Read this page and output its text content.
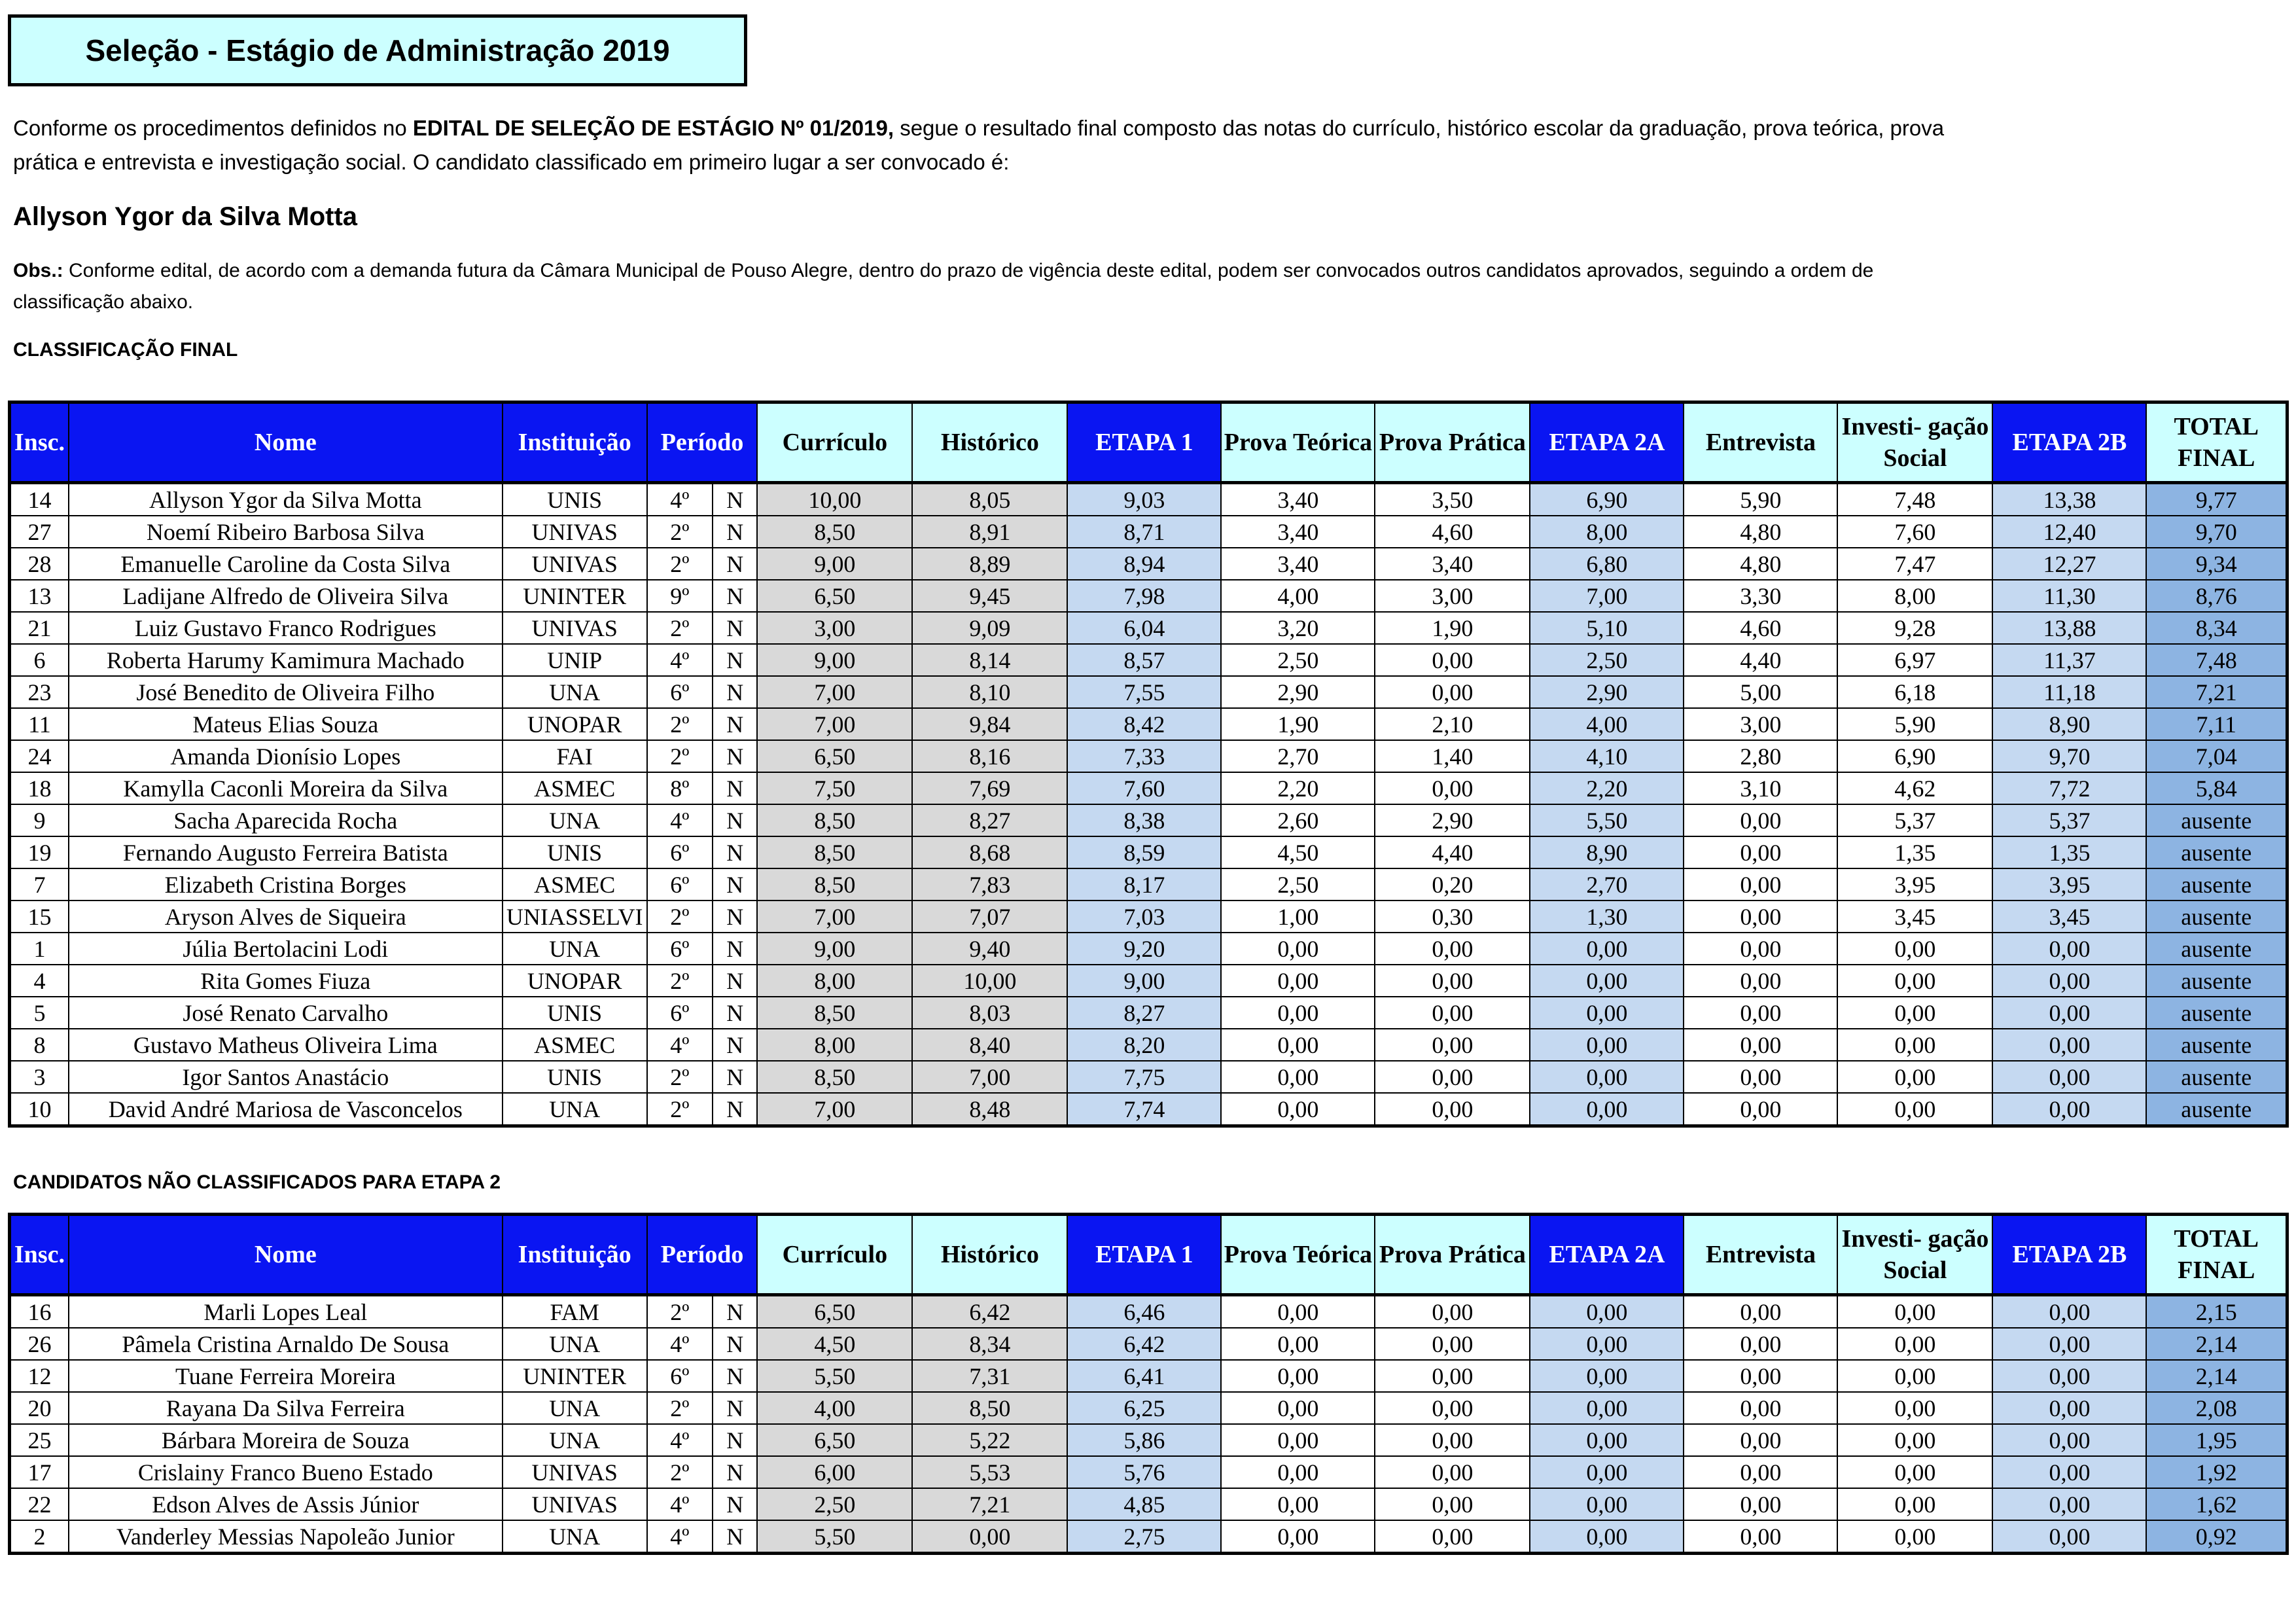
Seleção - Estágio de Administração 2019
Conforme os procedimentos definidos no EDITAL DE SELEÇÃO DE ESTÁGIO Nº 01/2019, segue o resultado final composto das notas do currículo, histórico escolar da graduação, prova teórica, prova prática e entrevista e investigação social. O candidato classificado em primeiro lugar a ser convocado é:
Allyson Ygor da Silva Motta
Obs.: Conforme edital, de acordo com a demanda futura da Câmara Municipal de Pouso Alegre, dentro do prazo de vigência deste edital, podem ser convocados outros candidatos aprovados, seguindo a ordem de classificação abaixo.
CLASSIFICAÇÃO FINAL
Insc.	Nome	Instituição	Período		Currículo	Histórico	ETAPA 1	Prova Teórica	Prova Prática	ETAPA 2A	Entrevista	Investi- gação Social	ETAPA 2B	TOTAL FINAL
14	Allyson Ygor da Silva Motta	UNIS	4º	N	10,00	8,05	9,03	3,40	3,50	6,90	5,90	7,48	13,38	9,77
27	Noemí Ribeiro Barbosa Silva	UNIVAS	2º	N	8,50	8,91	8,71	3,40	4,60	8,00	4,80	7,60	12,40	9,70
28	Emanuelle Caroline da Costa Silva	UNIVAS	2º	N	9,00	8,89	8,94	3,40	3,40	6,80	4,80	7,47	12,27	9,34
13	Ladijane Alfredo de Oliveira Silva	UNINTER	9º	N	6,50	9,45	7,98	4,00	3,00	7,00	3,30	8,00	11,30	8,76
21	Luiz Gustavo Franco Rodrigues	UNIVAS	2º	N	3,00	9,09	6,04	3,20	1,90	5,10	4,60	9,28	13,88	8,34
6	Roberta Harumy Kamimura Machado	UNIP	4º	N	9,00	8,14	8,57	2,50	0,00	2,50	4,40	6,97	11,37	7,48
23	José Benedito de Oliveira Filho	UNA	6º	N	7,00	8,10	7,55	2,90	0,00	2,90	5,00	6,18	11,18	7,21
11	Mateus Elias Souza	UNOPAR	2º	N	7,00	9,84	8,42	1,90	2,10	4,00	3,00	5,90	8,90	7,11
24	Amanda Dionísio Lopes	FAI	2º	N	6,50	8,16	7,33	2,70	1,40	4,10	2,80	6,90	9,70	7,04
18	Kamylla Caconli Moreira da Silva	ASMEC	8º	N	7,50	7,69	7,60	2,20	0,00	2,20	3,10	4,62	7,72	5,84
9	Sacha Aparecida Rocha	UNA	4º	N	8,50	8,27	8,38	2,60	2,90	5,50	0,00	5,37	5,37	ausente
19	Fernando Augusto Ferreira Batista	UNIS	6º	N	8,50	8,68	8,59	4,50	4,40	8,90	0,00	1,35	1,35	ausente
7	Elizabeth Cristina Borges	ASMEC	6º	N	8,50	7,83	8,17	2,50	0,20	2,70	0,00	3,95	3,95	ausente
15	Aryson Alves de Siqueira	UNIASSELVI	2º	N	7,00	7,07	7,03	1,00	0,30	1,30	0,00	3,45	3,45	ausente
1	Júlia Bertolacini Lodi	UNA	6º	N	9,00	9,40	9,20	0,00	0,00	0,00	0,00	0,00	0,00	ausente
4	Rita Gomes Fiuza	UNOPAR	2º	N	8,00	10,00	9,00	0,00	0,00	0,00	0,00	0,00	0,00	ausente
5	José Renato Carvalho	UNIS	6º	N	8,50	8,03	8,27	0,00	0,00	0,00	0,00	0,00	0,00	ausente
8	Gustavo Matheus Oliveira Lima	ASMEC	4º	N	8,00	8,40	8,20	0,00	0,00	0,00	0,00	0,00	0,00	ausente
3	Igor Santos Anastácio	UNIS	2º	N	8,50	7,00	7,75	0,00	0,00	0,00	0,00	0,00	0,00	ausente
10	David André Mariosa de Vasconcelos	UNA	2º	N	7,00	8,48	7,74	0,00	0,00	0,00	0,00	0,00	0,00	ausente
CANDIDATOS NÃO CLASSIFICADOS PARA ETAPA 2
Insc.	Nome	Instituição	Período		Currículo	Histórico	ETAPA 1	Prova Teórica	Prova Prática	ETAPA 2A	Entrevista	Investi- gação Social	ETAPA 2B	TOTAL FINAL
16	Marli Lopes Leal	FAM	2º	N	6,50	6,42	6,46	0,00	0,00	0,00	0,00	0,00	0,00	2,15
26	Pâmela Cristina Arnaldo De Sousa	UNA	4º	N	4,50	8,34	6,42	0,00	0,00	0,00	0,00	0,00	0,00	2,14
12	Tuane Ferreira Moreira	UNINTER	6º	N	5,50	7,31	6,41	0,00	0,00	0,00	0,00	0,00	0,00	2,14
20	Rayana Da Silva Ferreira	UNA	2º	N	4,00	8,50	6,25	0,00	0,00	0,00	0,00	0,00	0,00	2,08
25	Bárbara Moreira de Souza	UNA	4º	N	6,50	5,22	5,86	0,00	0,00	0,00	0,00	0,00	0,00	1,95
17	Crislainy Franco Bueno Estado	UNIVAS	2º	N	6,00	5,53	5,76	0,00	0,00	0,00	0,00	0,00	0,00	1,92
22	Edson Alves de Assis Júnior	UNIVAS	4º	N	2,50	7,21	4,85	0,00	0,00	0,00	0,00	0,00	0,00	1,62
2	Vanderley Messias Napoleão Junior	UNA	4º	N	5,50	0,00	2,75	0,00	0,00	0,00	0,00	0,00	0,00	0,92
